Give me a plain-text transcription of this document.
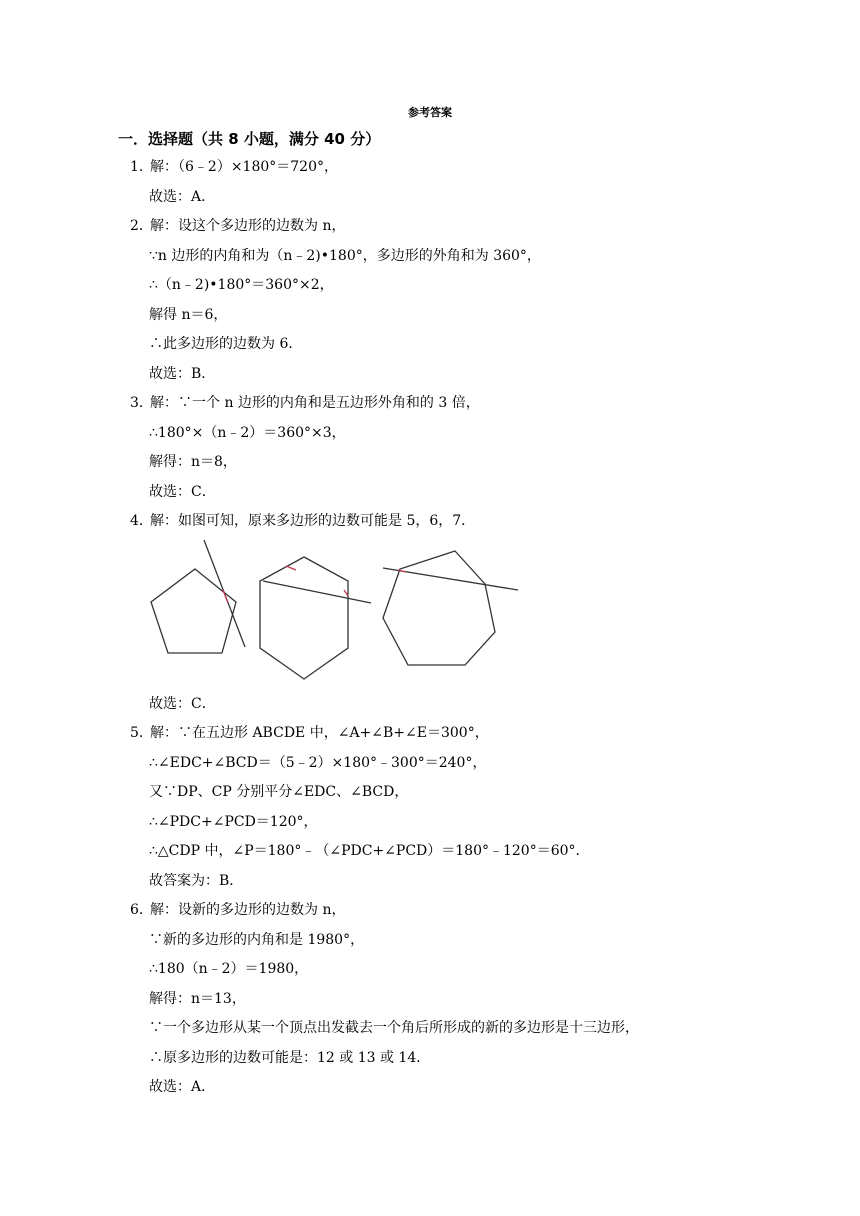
参考答案
一．选择题（共 8 小题，满分 40 分）
1．
解：（6﹣2）×180°＝720°，
故选：A．
2．
解：设这个多边形的边数为 n，
∵n 边形的内角和为（n﹣2)•180°，多边形的外角和为 360°，
∴（n﹣2)•180°＝360°×2，
解得 n＝6，
∴此多边形的边数为 6．
故选：B．
3．
解：∵一个 n 边形的内角和是五边形外角和的 3 倍，
∴180°×（n﹣2）＝360°×3，
解得：n＝8，
故选：C．
4．
解：如图可知，原来多边形的边数可能是 5，6，7．
故选：C．
5．
解：∵在五边形 ABCDE 中，∠A+∠B+∠E＝300°，
∴∠EDC+∠BCD＝（5﹣2）×180°﹣300°＝240°，
又∵DP、CP 分别平分∠EDC、∠BCD，
∴∠PDC+∠PCD＝120°，
∴△CDP 中，∠P＝180°﹣（∠PDC+∠PCD）＝180°﹣120°＝60°．
故答案为：B．
6．
解：设新的多边形的边数为 n，
∵新的多边形的内角和是 1980°，
∴180（n﹣2）＝1980，
解得：n＝13，
∵一个多边形从某一个顶点出发截去一个角后所形成的新的多边形是十三边形，
∴原多边形的边数可能是：12 或 13 或 14．
故选：A．
